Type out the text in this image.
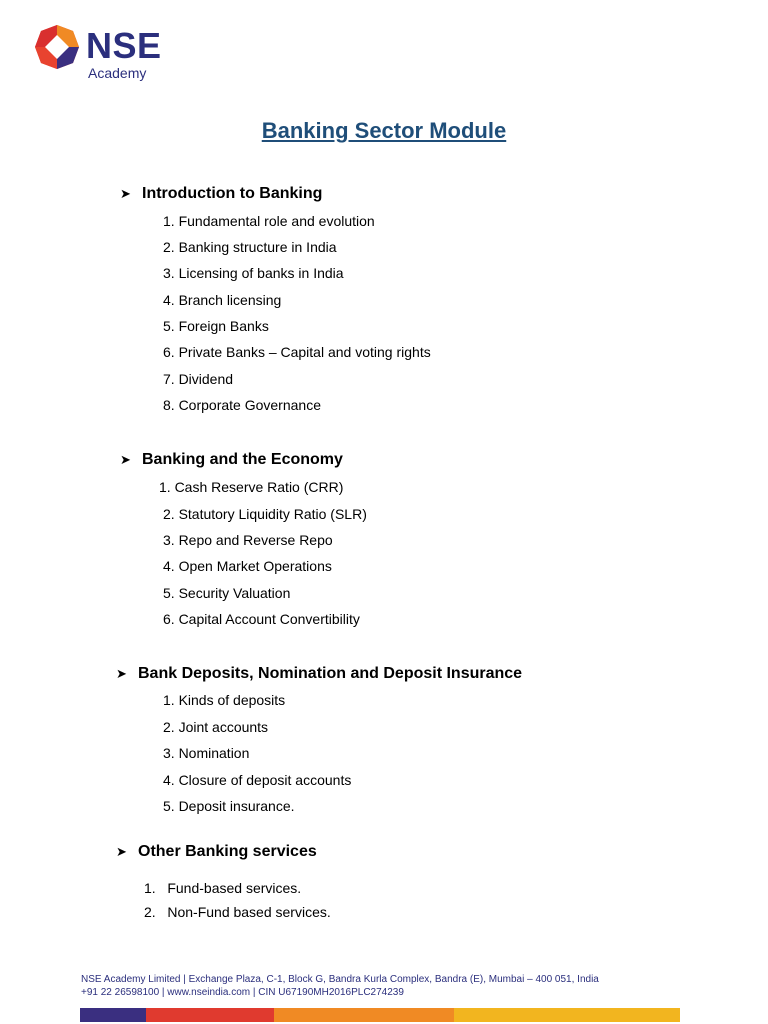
NSE
Academy
Banking Sector Module
➤ Introduction to Banking
1. Fundamental role and evolution
2. Banking structure in India
3. Licensing of banks in India
4. Branch licensing
5. Foreign Banks
6. Private Banks – Capital and voting rights
7. Dividend
8. Corporate Governance
➤ Banking and the Economy
1. Cash Reserve Ratio (CRR)
2. Statutory Liquidity Ratio (SLR)
3. Repo and Reverse Repo
4. Open Market Operations
5. Security Valuation
6. Capital Account Convertibility
➤ Bank Deposits, Nomination and Deposit Insurance
1. Kinds of deposits
2. Joint accounts
3. Nomination
4. Closure of deposit accounts
5. Deposit insurance.
➤ Other Banking services
1.   Fund-based services.
2.   Non-Fund based services.
NSE Academy Limited | Exchange Plaza, C-1, Block G, Bandra Kurla Complex, Bandra (E), Mumbai – 400 051, India
+91 22 26598100 | www.nseindia.com | CIN U67190MH2016PLC274239
